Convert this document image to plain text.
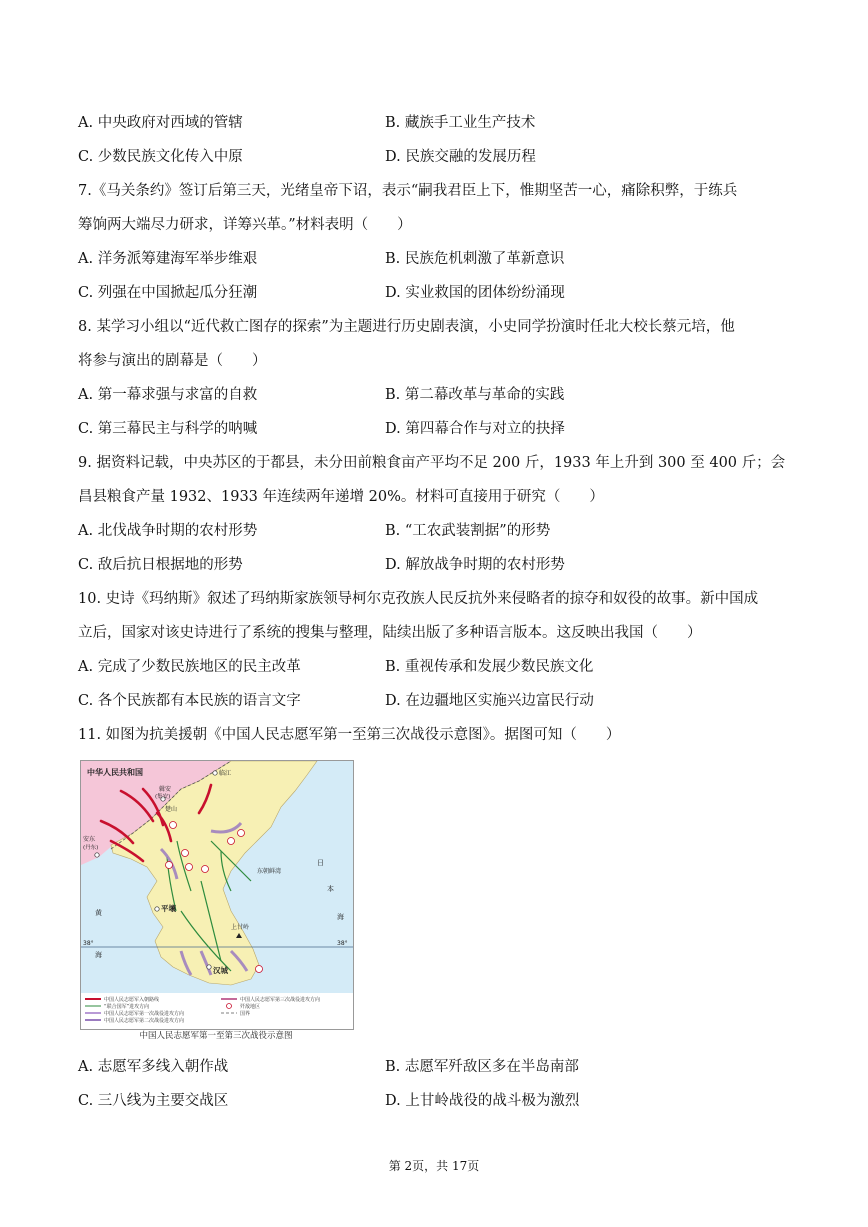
A. 中央政府对西域的管辖	B. 藏族手工业生产技术
C. 少数民族文化传入中原	D. 民族交融的发展历程
7.《马关条约》签订后第三天，光绪皇帝下诏，表示“嗣我君臣上下，惟期坚苦一心，痛除积弊，于练兵
筹饷两大端尽力研求，详筹兴革。”材料表明（　　）
A. 洋务派筹建海军举步维艰	B. 民族危机刺激了革新意识
C. 列强在中国掀起瓜分狂潮	D. 实业救国的团体纷纷涌现
8. 某学习小组以“近代救亡图存的探索”为主题进行历史剧表演，小史同学扮演时任北大校长蔡元培，他
将参与演出的剧幕是（　　）
A. 第一幕求强与求富的自救	B. 第二幕改革与革命的实践
C. 第三幕民主与科学的呐喊	D. 第四幕合作与对立的抉择
9. 据资料记载，中央苏区的于都县，未分田前粮食亩产平均不足 200 斤，1933 年上升到 300 至 400 斤；会
昌县粮食产量 1932、1933 年连续两年递增 20%。材料可直接用于研究（　　）
A. 北伐战争时期的农村形势	B. “工农武装割据”的形势
C. 敌后抗日根据地的形势	D. 解放战争时期的农村形势
10. 史诗《玛纳斯》叙述了玛纳斯家族领导柯尔克孜族人民反抗外来侵略者的掠夺和奴役的故事。新中国成
立后，国家对该史诗进行了系统的搜集与整理，陆续出版了多种语言版本。这反映出我国（　　）
A. 完成了少数民族地区的民主改革	B. 重视传承和发展少数民族文化
C. 各个民族都有本民族的语言文字	D. 在边疆地区实施兴边富民行动
11. 如图为抗美援朝《中国人民志愿军第一至第三次战役示意图》。据图可知（　　）
38°	38°
中华人民共和国	临江
辑安
(集安)
楚山
安东
(丹东)
平壤
上甘岭
汉城
东朝鲜湾
日
本
海
黄
海
中国人民志愿军入朝路线
“联合国军”进攻方向
中国人民志愿军第一次战役进攻方向
中国人民志愿军第二次战役进攻方向
中国人民志愿军第三次战役进攻方向
歼敌地区
国界
中国人民志愿军第一至第三次战役示意图
A. 志愿军多线入朝作战	B. 志愿军歼敌区多在半岛南部
C. 三八线为主要交战区	D. 上甘岭战役的战斗极为激烈
第 2页，共 17页
